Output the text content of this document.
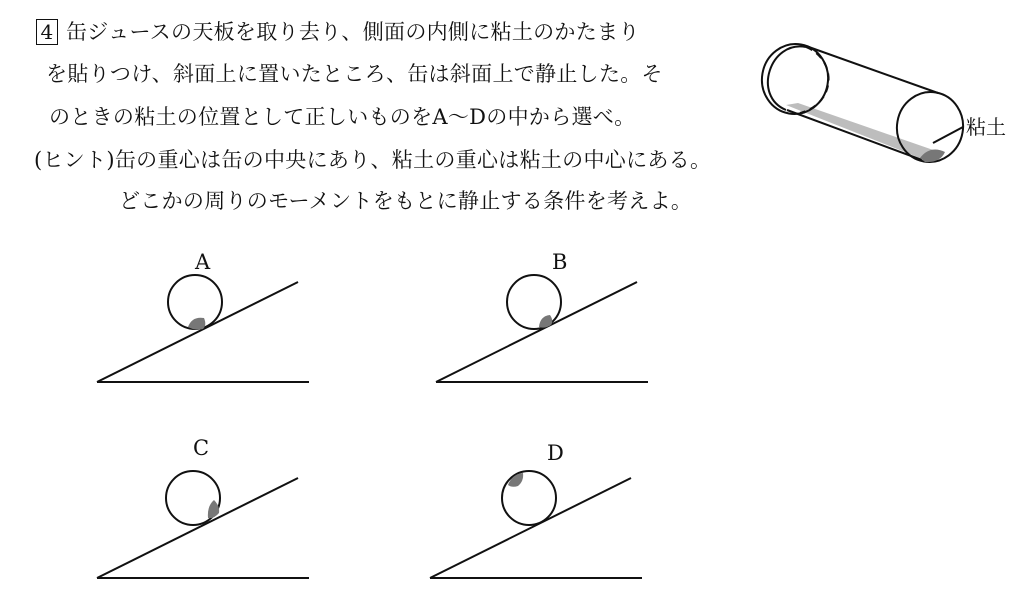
4 缶ジュースの天板を取り去り、側面の内側に粘土のかたまり
を貼りつけ、斜面上に置いたところ、缶は斜面上で静止した。そ
のときの粘土の位置として正しいものをA～Dの中から選べ。
(ヒント)缶の重心は缶の中央にあり、粘土の重心は粘土の中心にある。
どこかの周りのモーメントをもとに静止する条件を考えよ。
粘土
A	B
C	D
